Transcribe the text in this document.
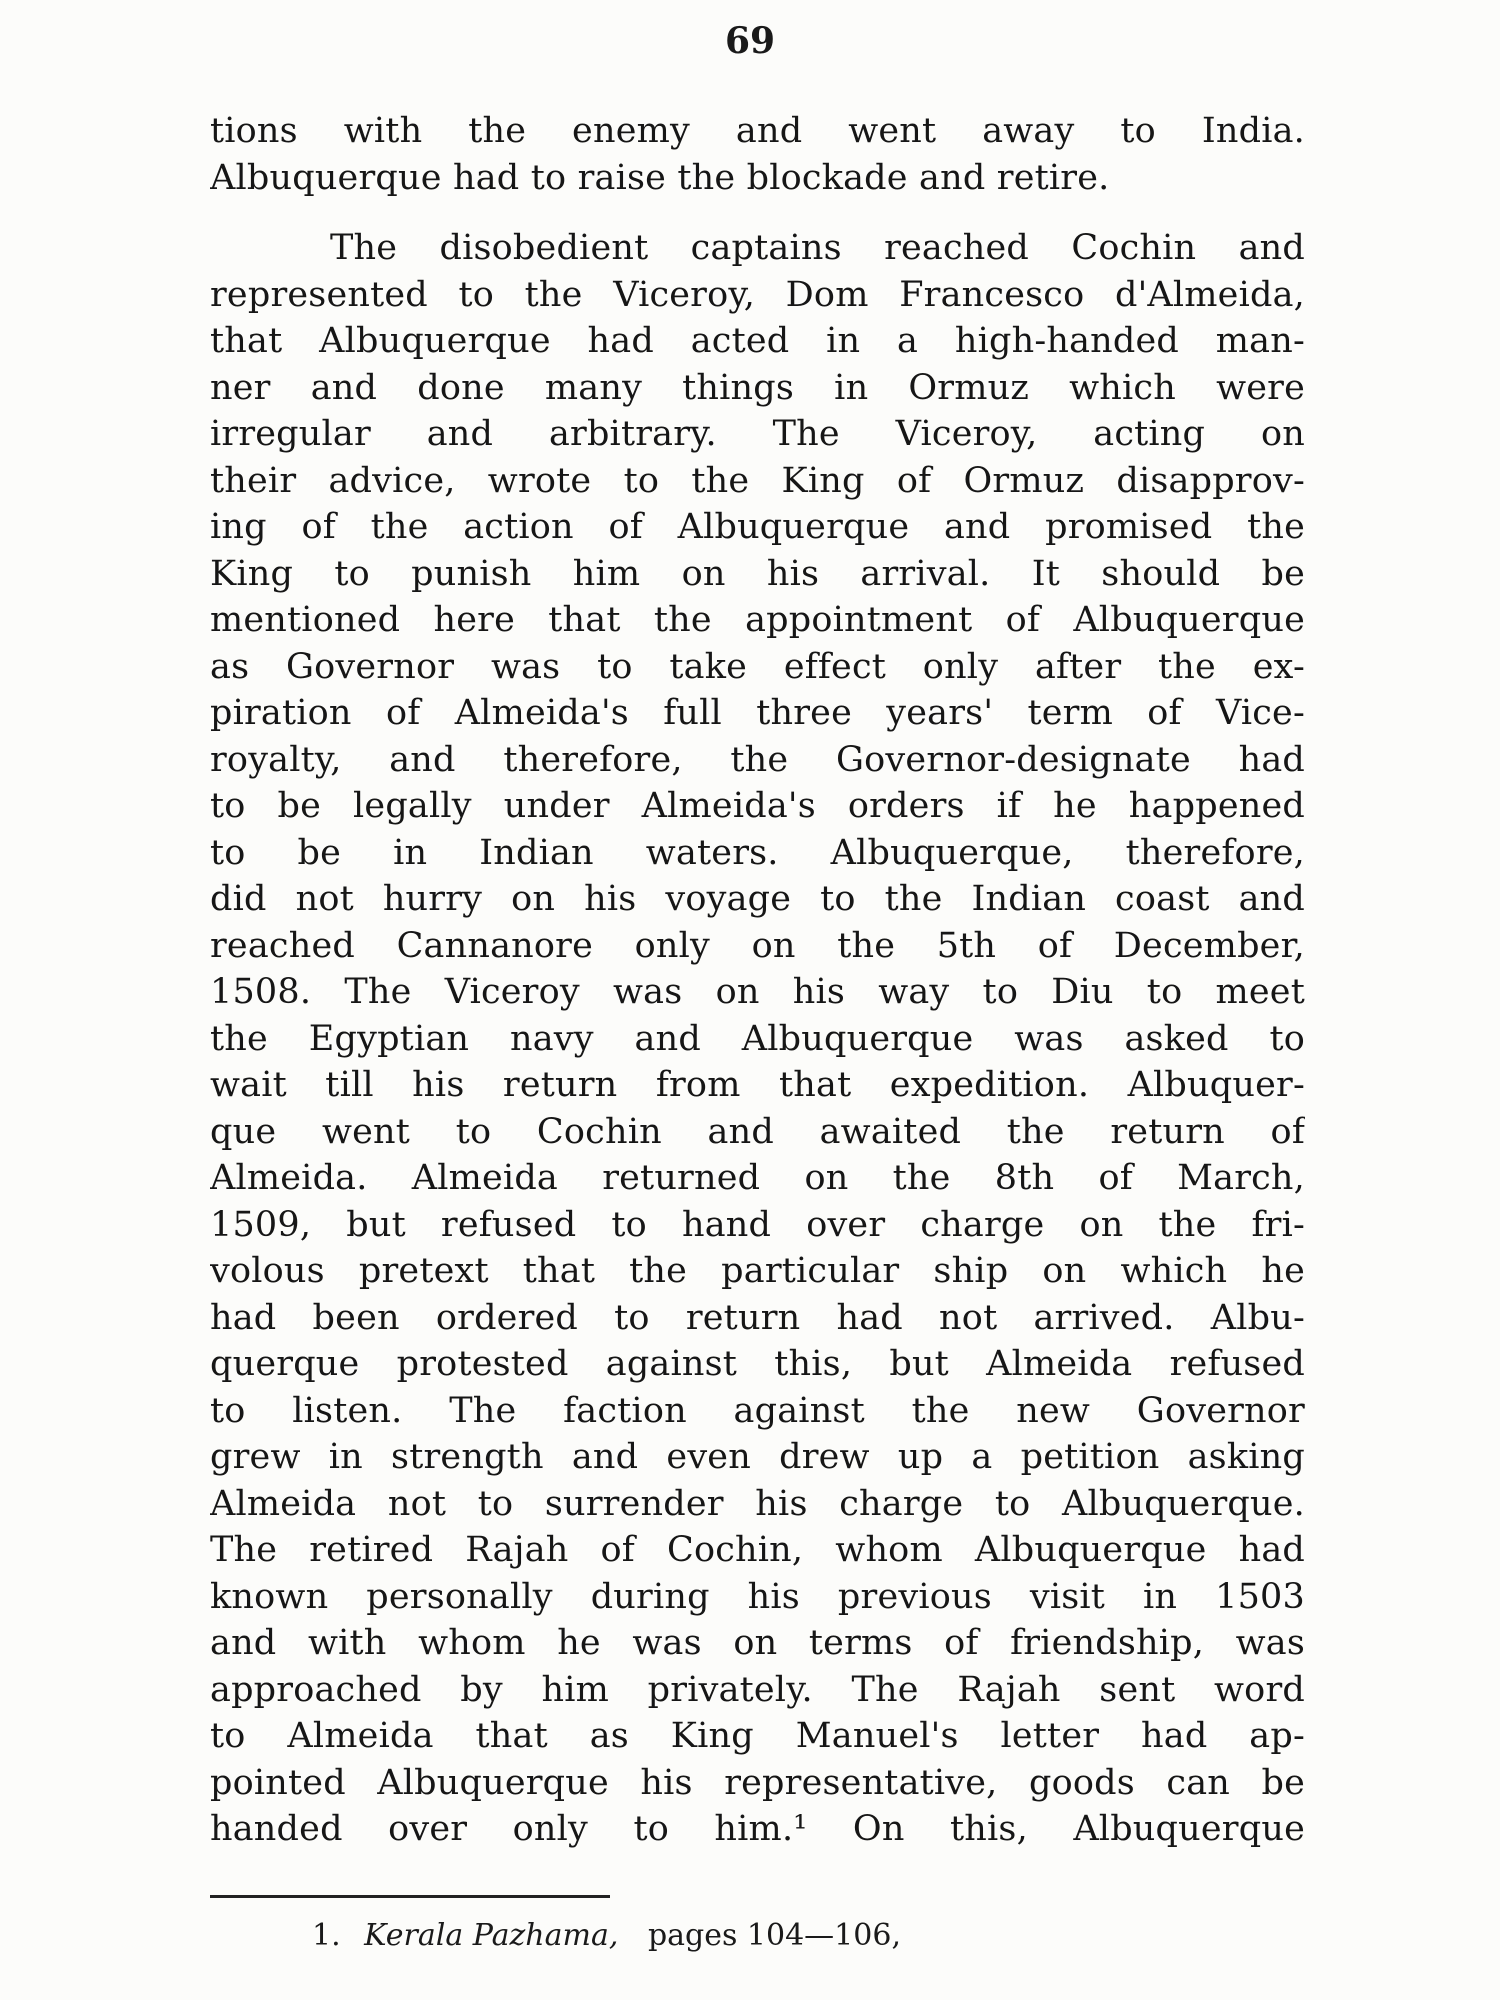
69
tions with the enemy and went away to India.
Albuquerque had to raise the blockade and retire.
The disobedient captains reached Cochin and
represented to the Viceroy, Dom Francesco d'Almeida,
that Albuquerque had acted in a high-handed man-
ner and done many things in Ormuz which were
irregular and arbitrary. The Viceroy, acting on
their advice, wrote to the King of Ormuz disapprov-
ing of the action of Albuquerque and promised the
King to punish him on his arrival. It should be
mentioned here that the appointment of Albuquerque
as Governor was to take effect only after the ex-
piration of Almeida's full three years' term of Vice-
royalty, and therefore, the Governor-designate had
to be legally under Almeida's orders if he happened
to be in Indian waters. Albuquerque, therefore,
did not hurry on his voyage to the Indian coast and
reached Cannanore only on the 5th of December,
1508. The Viceroy was on his way to Diu to meet
the Egyptian navy and Albuquerque was asked to
wait till his return from that expedition. Albuquer-
que went to Cochin and awaited the return of
Almeida. Almeida returned on the 8th of March,
1509, but refused to hand over charge on the fri-
volous pretext that the particular ship on which he
had been ordered to return had not arrived. Albu-
querque protested against this, but Almeida refused
to listen. The faction against the new Governor
grew in strength and even drew up a petition asking
Almeida not to surrender his charge to Albuquerque.
The retired Rajah of Cochin, whom Albuquerque had
known personally during his previous visit in 1503
and with whom he was on terms of friendship, was
approached by him privately. The Rajah sent word
to Almeida that as King Manuel's letter had ap-
pointed Albuquerque his representative, goods can be
handed over only to him.¹ On this, Albuquerque
1. Kerala Pazhama, pages 104—106,
